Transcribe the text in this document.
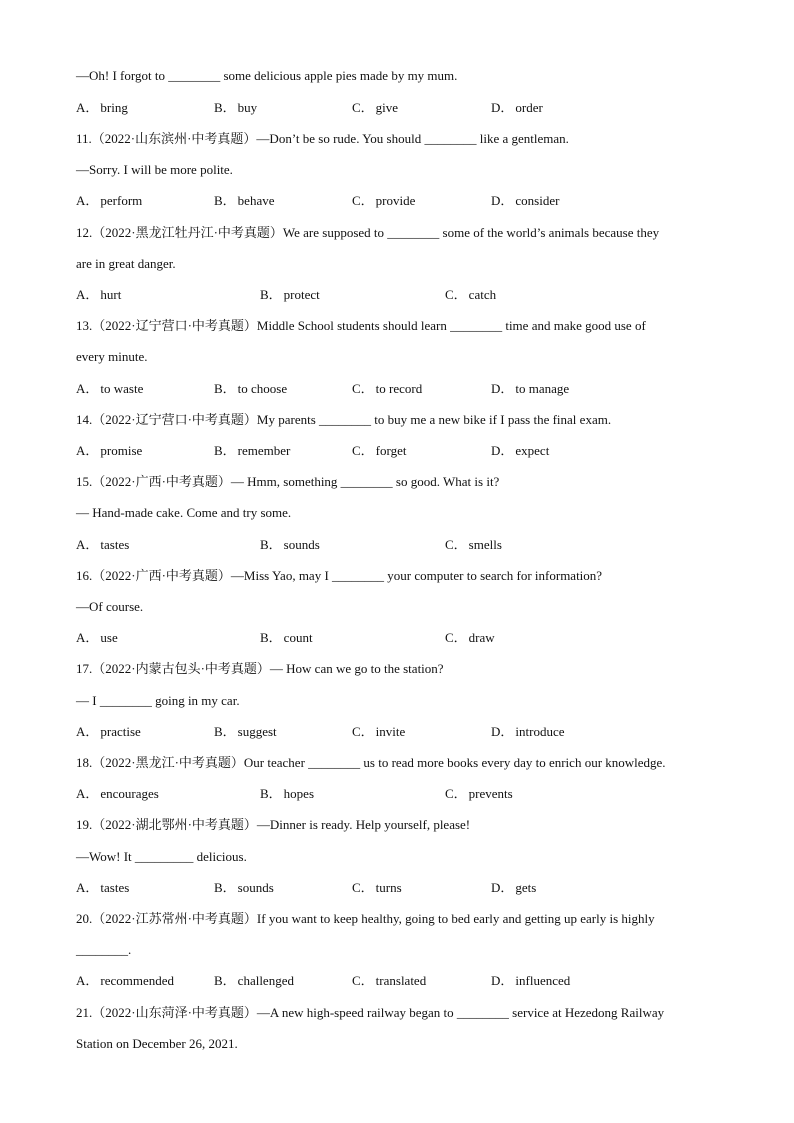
—Oh! I forgot to ________ some delicious apple pies made by my mum.
A． bring	B． buy	C． give	D． order
11.（2022·山东滨州·中考真题）—Don’t be so rude. You should ________ like a gentleman.
—Sorry. I will be more polite.
A． perform	B． behave	C． provide	D． consider
12.（2022·黑龙江牡丹江·中考真题）We are supposed to ________ some of the world’s animals because they
are in great danger.
A． hurt	B． protect	C． catch
13.（2022·辽宁营口·中考真题）Middle School students should learn ________ time and make good use of
every minute.
A． to waste	B． to choose	C． to record	D． to manage
14.（2022·辽宁营口·中考真题）My parents ________ to buy me a new bike if I pass the final exam.
A． promise	B． remember	C． forget	D． expect
15.（2022·广西·中考真题）— Hmm, something ________ so good. What is it?
— Hand-made cake. Come and try some.
A． tastes	B． sounds	C． smells
16.（2022·广西·中考真题）—Miss Yao, may I ________ your computer to search for information?
—Of course.
A． use	B． count	C． draw
17.（2022·内蒙古包头·中考真题）— How can we go to the station?
— I ________ going in my car.
A． practise	B． suggest	C． invite	D． introduce
18.（2022·黑龙江·中考真题）Our teacher ________ us to read more books every day to enrich our knowledge.
A． encourages	B． hopes	C． prevents
19.（2022·湖北鄂州·中考真题）—Dinner is ready. Help yourself, please!
—Wow! It _________ delicious.
A． tastes	B． sounds	C． turns	D． gets
20.（2022·江苏常州·中考真题）If you want to keep healthy, going to bed early and getting up early is highly
________.
A． recommended	B． challenged	C． translated	D． influenced
21.（2022·山东菏泽·中考真题）—A new high-speed railway began to ________ service at Hezedong Railway
Station on December 26, 2021.
